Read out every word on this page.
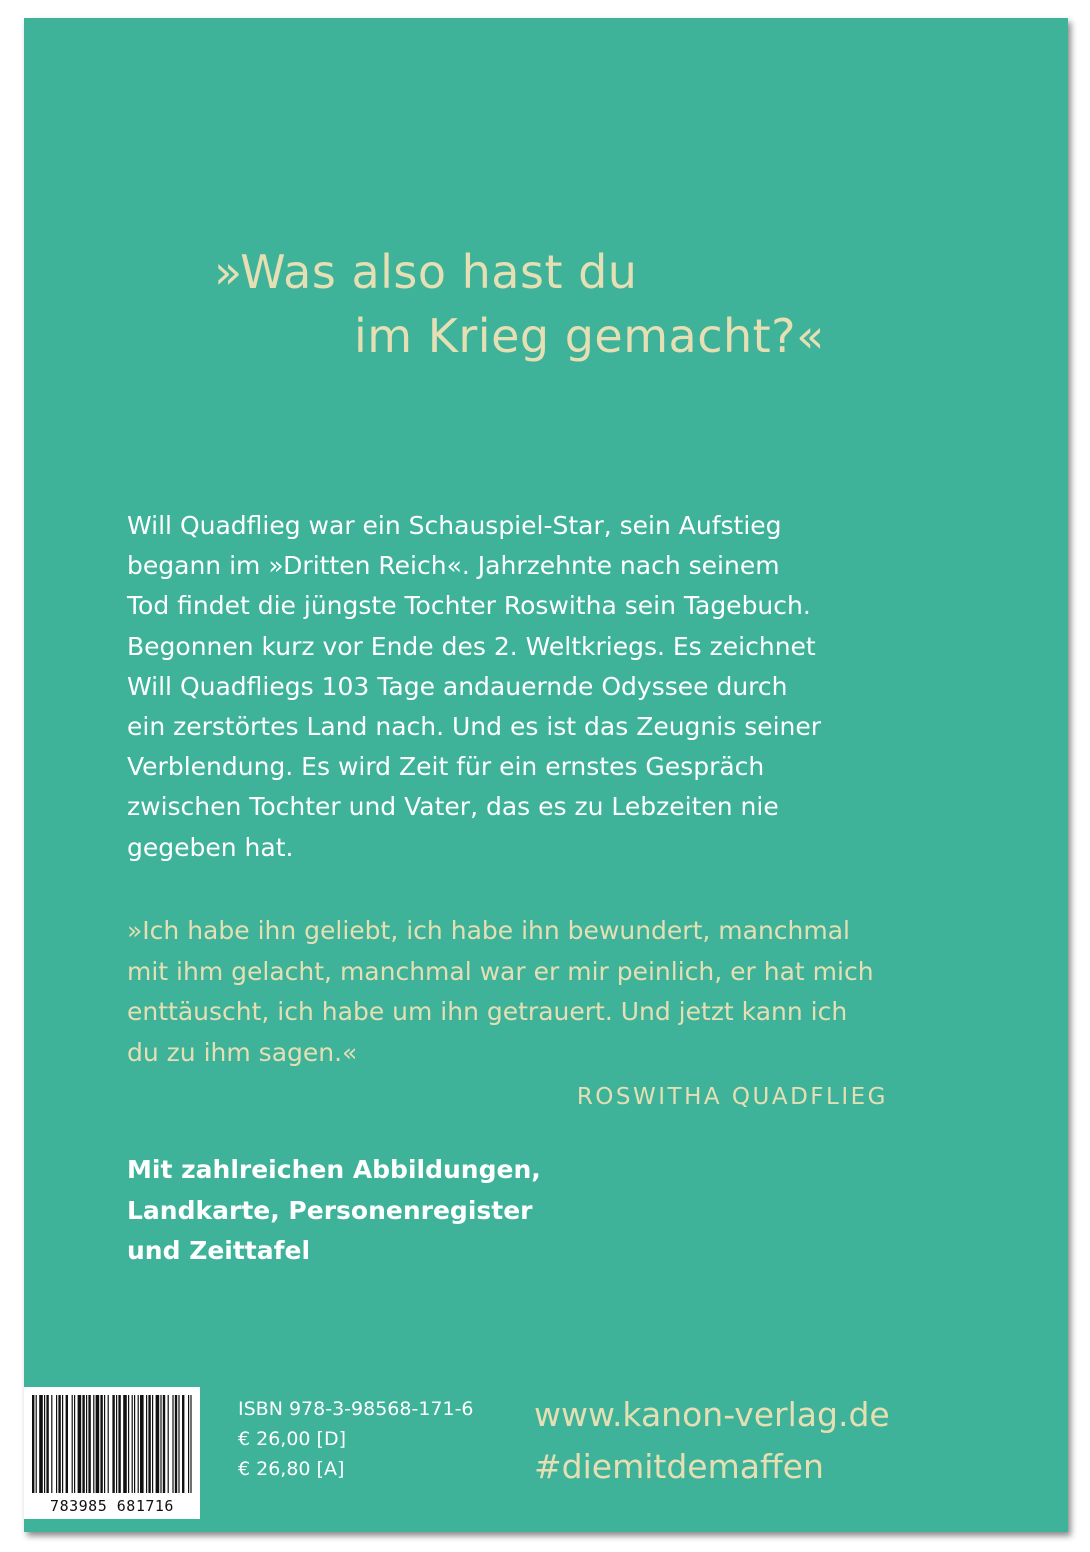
»Was also hast du
im Krieg gemacht?«
Will Quadflieg war ein Schauspiel-Star, sein Aufstieg
begann im »Dritten Reich«. Jahrzehnte nach seinem
Tod findet die jüngste Tochter Roswitha sein Tagebuch.
Begonnen kurz vor Ende des 2. Weltkriegs. Es zeichnet
Will Quadfliegs 103 Tage andauernde Odyssee durch
ein zerstörtes Land nach. Und es ist das Zeugnis seiner
Verblendung. Es wird Zeit für ein ernstes Gespräch
zwischen Tochter und Vater, das es zu Lebzeiten nie
gegeben hat.
»Ich habe ihn geliebt, ich habe ihn bewundert, manchmal
mit ihm gelacht, manchmal war er mir peinlich, er hat mich
enttäuscht, ich habe um ihn getrauert. Und jetzt kann ich
du zu ihm sagen.«
ROSWITHA QUADFLIEG
Mit zahlreichen Abbildungen,
Landkarte, Personenregister
und Zeittafel
783985 681716
ISBN 978-3-98568-171-6
€ 26,00 [D]
€ 26,80 [A]
www.kanon-verlag.de
#diemitdemaffen
